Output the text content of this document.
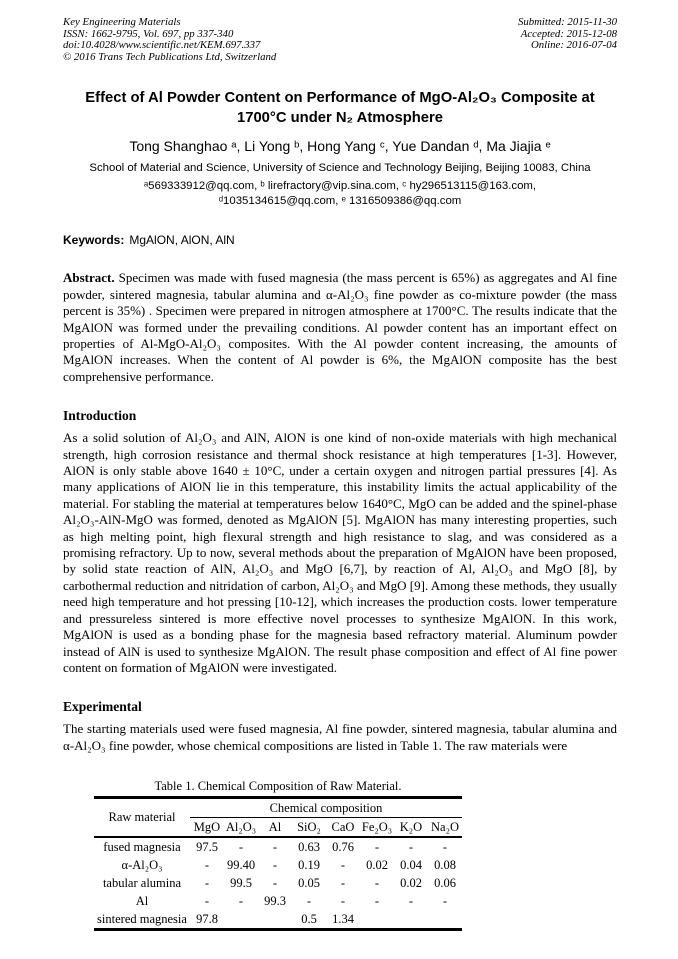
Key Engineering Materials
ISSN: 1662-9795, Vol. 697, pp 337-340
doi:10.4028/www.scientific.net/KEM.697.337
© 2016 Trans Tech Publications Ltd, Switzerland
Submitted: 2015-11-30
Accepted: 2015-12-08
Online: 2016-07-04
Effect of Al Powder Content on Performance of MgO-Al₂O₃ Composite at 1700°C under N₂ Atmosphere
Tong Shanghao ᵃ, Li Yong ᵇ, Hong Yang ᶜ, Yue Dandan ᵈ, Ma Jiajia ᵉ
School of Material and Science, University of Science and Technology Beijing, Beijing 10083, China
ᵃ569333912@qq.com, ᵇ lirefractory@vip.sina.com, ᶜ hy296513115@163.com,
ᵈ1035134615@qq.com, ᵉ 1316509386@qq.com
Keywords: MgAlON, AlON, AlN

Abstract. Specimen was made with fused magnesia (the mass percent is 65%) as aggregates and Al fine powder, sintered magnesia, tabular alumina and α-Al₂O₃ fine powder as co-mixture powder (the mass percent is 35%) . Specimen were prepared in nitrogen atmosphere at 1700°C. The results indicate that the MgAlON was formed under the prevailing conditions. Al powder content has an important effect on properties of Al-MgO-Al₂O₃ composites. With the Al powder content increasing, the amounts of MgAlON increases. When the content of Al powder is 6%, the MgAlON composite has the best comprehensive performance.

Introduction

As a solid solution of Al₂O₃ and AlN, AlON is one kind of non-oxide materials with high mechanical strength, high corrosion resistance and thermal shock resistance at high temperatures [1-3]. However, AlON is only stable above 1640 ± 10°C, under a certain oxygen and nitrogen partial pressures [4]. As many applications of AlON lie in this temperature, this instability limits the actual applicability of the material. For stabling the material at temperatures below 1640°C, MgO can be added and the spinel-phase Al₂O₃-AlN-MgO was formed, denoted as MgAlON [5]. MgAlON has many interesting properties, such as high melting point, high flexural strength and high resistance to slag, and was considered as a promising refractory. Up to now, several methods about the preparation of MgAlON have been proposed, by solid state reaction of AlN, Al₂O₃ and MgO [6,7], by reaction of Al, Al₂O₃ and MgO [8], by carbothermal reduction and nitridation of carbon, Al₂O₃ and MgO [9]. Among these methods, they usually need high temperature and hot pressing [10-12], which increases the production costs. lower temperature and pressureless sintered is more effective novel processes to synthesize MgAlON. In this work, MgAlON is used as a bonding phase for the magnesia based refractory material. Aluminum powder instead of AlN is used to synthesize MgAlON. The result phase composition and effect of Al fine power content on formation of MgAlON were investigated.

Experimental

The starting materials used were fused magnesia, Al fine powder, sintered magnesia, tabular alumina and α-Al₂O₃ fine powder, whose chemical compositions are listed in Table 1. The raw materials were

Table 1. Chemical Composition of Raw Material.
Raw material	Chemical composition							
	MgO	Al₂O₃	Al	SiO₂	CaO	Fe₂O₃	K₂O	Na₂O
fused magnesia	97.5	-	-	0.63	0.76	-	-	-
α-Al₂O₃	-	99.40	-	0.19	-	0.02	0.04	0.08
tabular alumina	-	99.5	-	0.05	-	-	0.02	0.06
Al	-	-	99.3	-	-	-	-	-
sintered magnesia	97.8			0.5	1.34			
